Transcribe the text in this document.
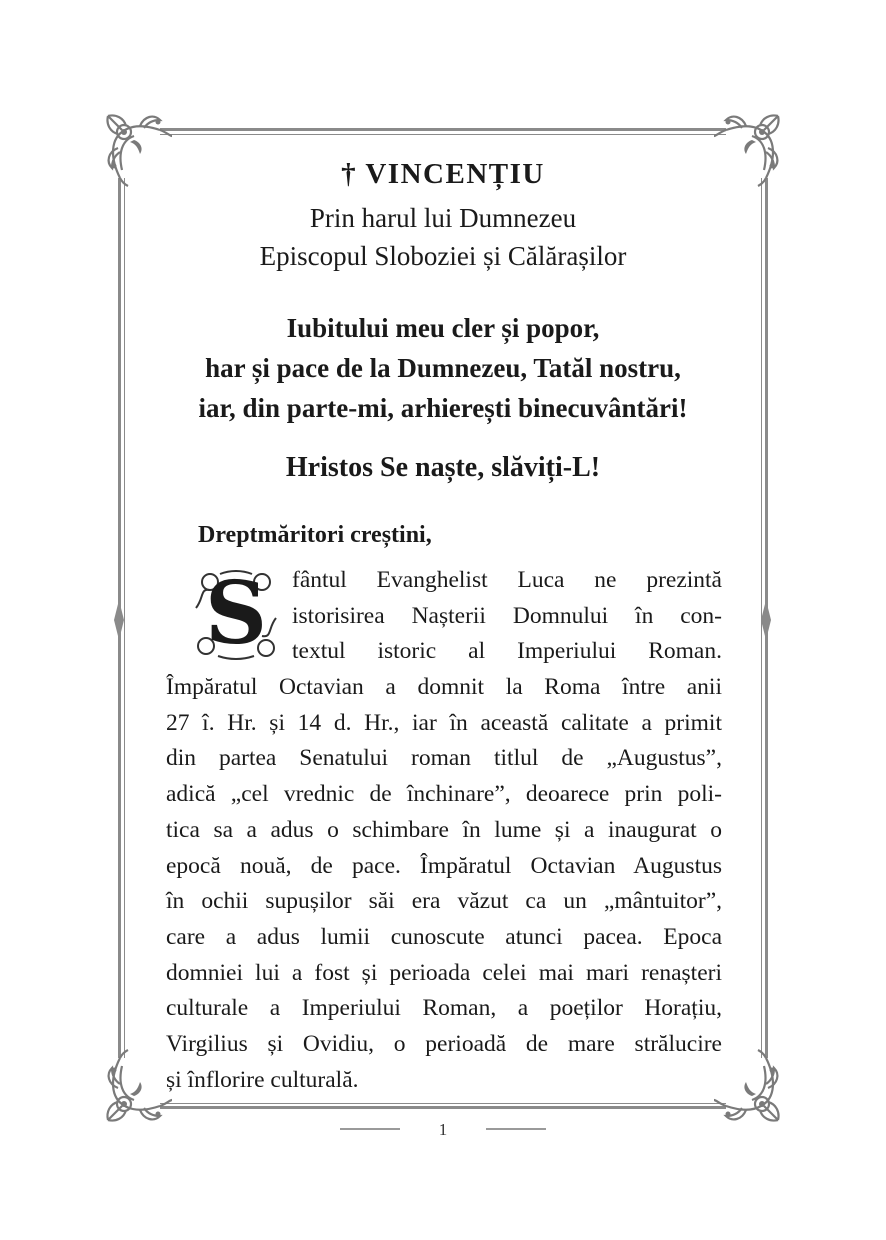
† VINCENȚIU
Prin harul lui Dumnezeu
Episcopul Sloboziei și Călărașilor
Iubitului meu cler și popor,
har și pace de la Dumnezeu, Tatăl nostru,
iar, din parte-mi, arhierești binecuvântări!
Hristos Se naște, slăviți-L!
Dreptmăritori creștini,
S	fântul Evanghelist Luca ne prezintă
istorisirea Nașterii Domnului în con-
textul istoric al Imperiului Roman.
Împăratul Octavian a domnit la Roma între anii
27 î. Hr. și 14 d. Hr., iar în această calitate a primit
din partea Senatului roman titlul de „Augustus”,
adică „cel vrednic de închinare”, deoarece prin poli-
tica sa a adus o schimbare în lume și a inaugurat o
epocă nouă, de pace. Împăratul Octavian Augustus
în ochii supușilor săi era văzut ca un „mântuitor”,
care a adus lumii cunoscute atunci pacea. Epoca
domniei lui a fost și perioada celei mai mari renașteri
culturale a Imperiului Roman, a poeților Horațiu,
Virgilius și Ovidiu, o perioadă de mare strălucire
și înflorire culturală.
1
